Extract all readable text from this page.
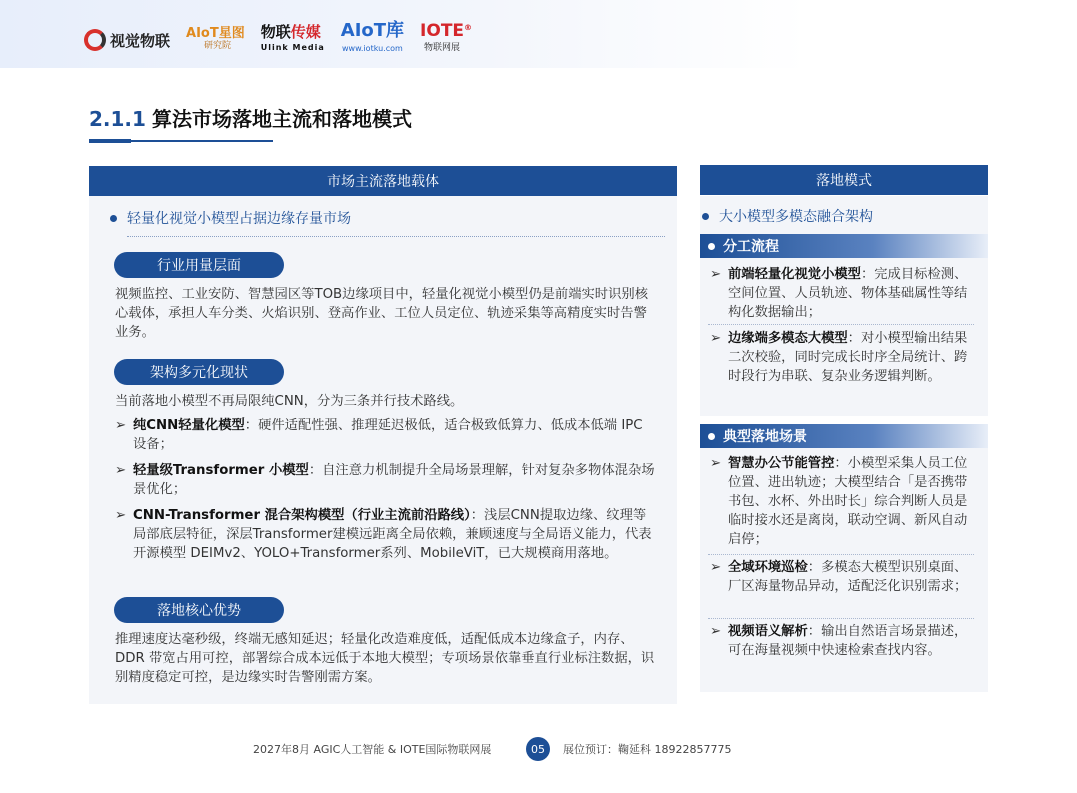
视觉物联 AIoT星图
研究院
物联传媒
Ulink Media
AIoT库
www.iotku.com
IOTE
物联网展
®
2.1.1 算法市场落地主流和落地模式
市场主流落地载体
轻量化视觉小模型占据边缘存量市场
行业用量层面
视频监控、工业安防、智慧园区等TOB边缘项目中，轻量化视觉小模型仍是前端实时识别核心载体，承担人车分类、火焰识别、登高作业、工位人员定位、轨迹采集等高精度实时告警业务。
架构多元化现状
当前落地小模型不再局限纯CNN，分为三条并行技术路线。
➢ 纯CNN轻量化模型：硬件适配性强、推理延迟极低，适合极致低算力、低成本低端 IPC 设备；
➢ 轻量级Transformer 小模型：自注意力机制提升全局场景理解，针对复杂多物体混杂场景优化；
➢ CNN-Transformer 混合架构模型（行业主流前沿路线）：浅层CNN提取边缘、纹理等局部底层特征，深层Transformer建模远距离全局依赖，兼顾速度与全局语义能力，代表开源模型 DEIMv2、YOLO+Transformer系列、MobileViT，已大规模商用落地。
落地核心优势
推理速度达毫秒级，终端无感知延迟；轻量化改造难度低，适配低成本边缘盒子，内存、DDR 带宽占用可控，部署综合成本远低于本地大模型；专项场景依靠垂直行业标注数据，识别精度稳定可控，是边缘实时告警刚需方案。
落地模式
大小模型多模态融合架构
分工流程
➢ 前端轻量化视觉小模型：完成目标检测、空间位置、人员轨迹、物体基础属性等结构化数据输出；
➢ 边缘端多模态大模型：对小模型输出结果二次校验，同时完成长时序全局统计、跨时段行为串联、复杂业务逻辑判断。
典型落地场景
➢ 智慧办公节能管控：小模型采集人员工位位置、进出轨迹；大模型结合「是否携带书包、水杯、外出时长」综合判断人员是临时接水还是离岗，联动空调、新风自动启停；
➢ 全域环境巡检：多模态大模型识别桌面、厂区海量物品异动，适配泛化识别需求；
➢ 视频语义解析：输出自然语言场景描述，可在海量视频中快速检索查找内容。
2027年8月 AGIC人工智能 & IOTE国际物联网展	05	展位预订：鞠延科 18922857775
